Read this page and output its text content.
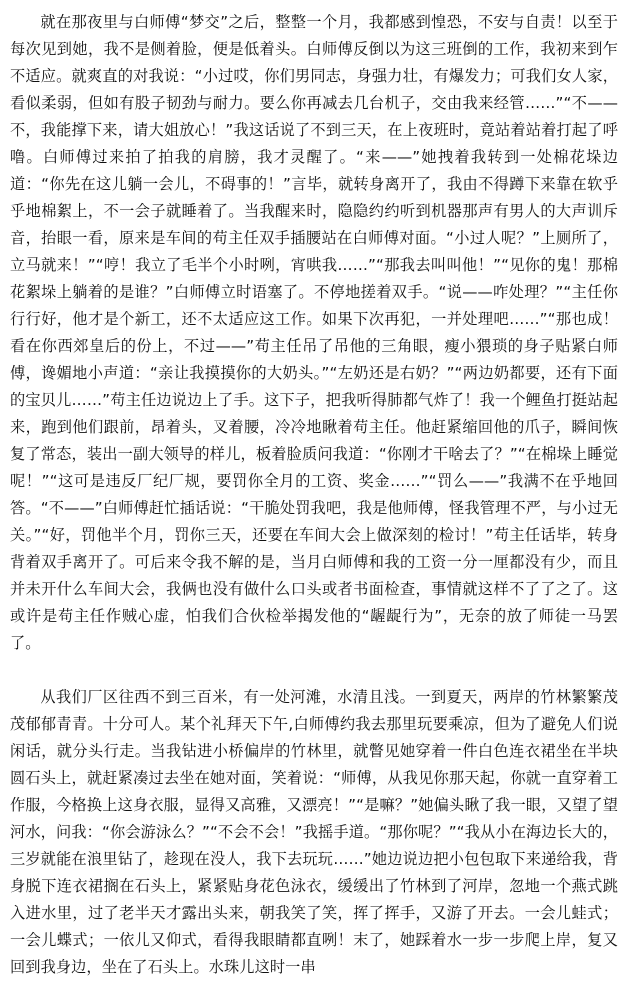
就在那夜里与白师傅“梦交”之后，整整一个月，我都感到惶恐，不安与自责！以至于每次见到她，我不是侧着脸，便是低着头。白师傅反倒以为这三班倒的工作，我初来到乍不适应。就爽直的对我说：“小过哎，你们男同志，身强力壮，有爆发力；可我们女人家，看似柔弱，但如有股子韧劲与耐力。要么你再减去几台机子，交由我来经管……”“不——不，我能撑下来，请大姐放心！”我这话说了不到三天，在上夜班时，竟站着站着打起了呼噜。白师傅过来拍了拍我的肩膀，我才灵醒了。“来——”她拽着我转到一处棉花垛边道：“你先在这儿躺一会儿，不碍事的！”言毕，就转身离开了，我由不得蹲下来靠在软乎乎地棉絮上，不一会子就睡着了。当我醒来时，隐隐约约听到机器那声有男人的大声训斥音，抬眼一看，原来是车间的苟主任双手插腰站在白师傅对面。“小过人呢？”上厕所了，立马就来！”“哼！我立了毛半个小时咧，宵哄我……”“那我去叫叫他！”“见你的鬼！那棉花絮垛上躺着的是谁？”白师傅立时语塞了。不停地搓着双手。“说——咋处理？”“主任你行行好，他才是个新工，还不太适应这工作。如果下次再犯，一并处理吧……”“那也成！看在你西郊皇后的份上，不过——”苟主任吊了吊他的三角眼，瘦小猥琐的身子贴紧白师傅，谗媚地小声道：“亲让我摸摸你的大奶头。”“左奶还是右奶？”“两边奶都要，还有下面的宝贝儿……”苟主任边说边上了手。这下子，把我听得肺都气炸了！我一个鲤鱼打挺站起来，跑到他们跟前，昂着头，叉着腰，冷冷地瞅着苟主任。他赶紧缩回他的爪子，瞬间恢复了常态，装出一副大领导的样儿，板着脸质问我道：“你刚才干啥去了？”“在棉垛上睡觉呢！”“这可是违反厂纪厂规，要罚你全月的工资、奖金……”“罚么——”我满不在乎地回答。“不——”白师傅赶忙插话说：“干脆处罚我吧，我是他师傅，怪我管理不严，与小过无关。”“好，罚他半个月，罚你三天，还要在车间大会上做深刻的检讨！”苟主任话毕，转身背着双手离开了。可后来令我不解的是，当月白师傅和我的工资一分一厘都没有少，而且并未开什么车间大会，我俩也没有做什么口头或者书面检查，事情就这样不了了之了。这或许是苟主任作贼心虚，怕我们合伙检举揭发他的“龌龊行为”，无奈的放了师徒一马罢了。

从我们厂区往西不到三百米，有一处河滩，水清且浅。一到夏天，两岸的竹林繁繁茂茂郁郁青青。十分可人。某个礼拜天下午,白师傅约我去那里玩要乘凉，但为了避免人们说闲话，就分头行走。当我钻进小桥偏岸的竹林里，就瞥见她穿着一件白色连衣裙坐在半块圆石头上，就赶紧凑过去坐在她对面，笑着说：“师傅，从我见你那天起，你就一直穿着工作服，今格换上这身衣服，显得又高雅，又漂亮！”“是嘛？”她偏头瞅了我一眼，又望了望河水，问我：“你会游泳么？”“不会不会！”我摇手道。“那你呢？”“我从小在海边长大的，三岁就能在浪里钻了，趁现在没人，我下去玩玩……”她边说边把小包包取下来递给我，背身脱下连衣裙搁在石头上，紧紧贴身花色泳衣，缓缓出了竹林到了河岸，忽地一个燕式跳入进水里，过了老半天才露出头来，朝我笑了笑，挥了挥手，又游了开去。一会儿蛙式；一会儿蝶式；一依儿又仰式，看得我眼睛都直咧！末了，她踩着水一步一步爬上岸，复又回到我身边，坐在了石头上。水珠儿这时一串
